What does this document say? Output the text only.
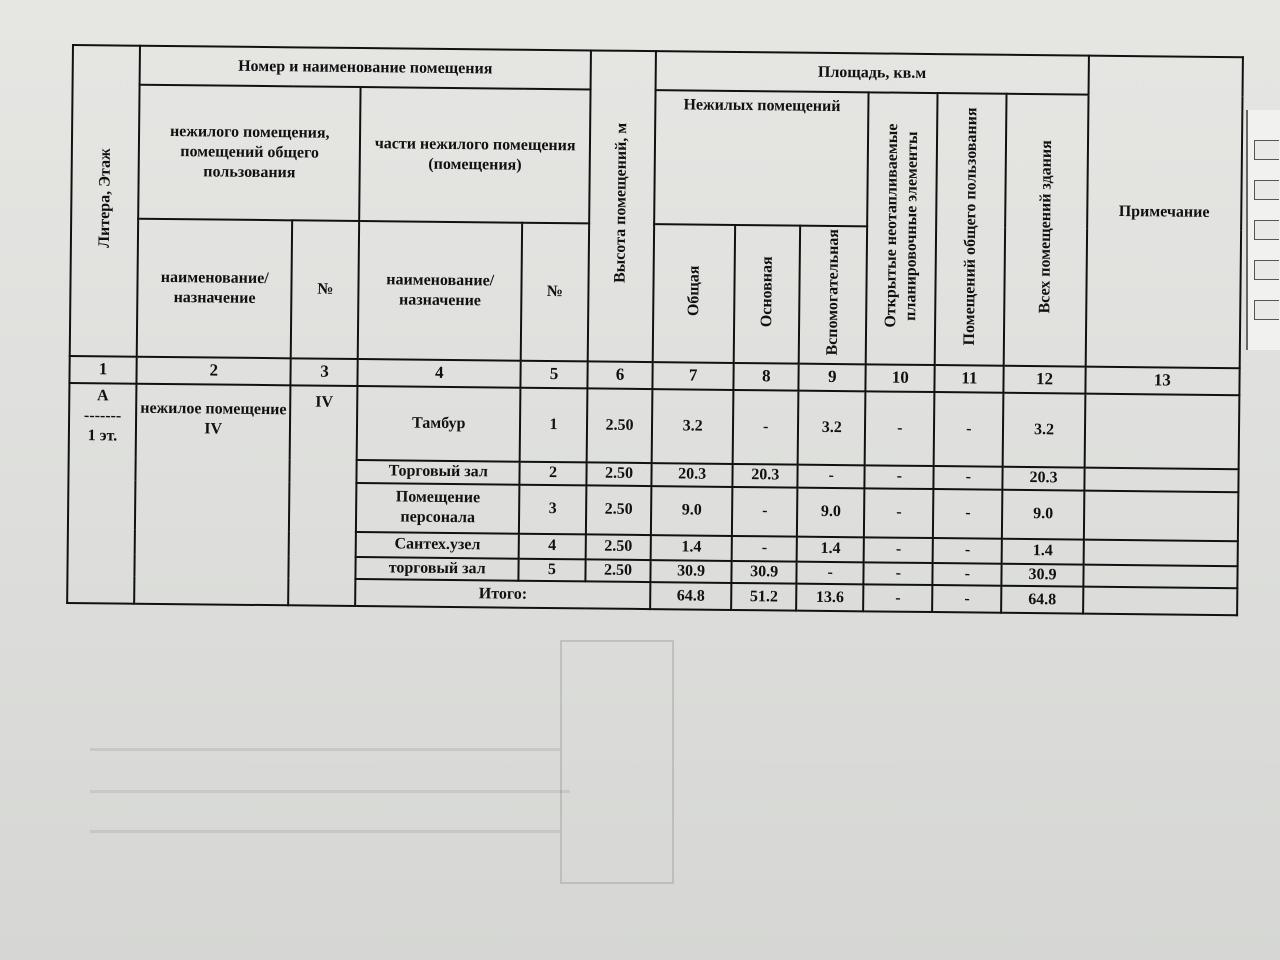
Литера, Этаж	Номер и наименование помещения				Высота помещений, м	Площадь, кв.м						Примечание
	нежилого помещения, помещений общего пользования		части нежилого помещения (помещения)			Нежилых помещений			Открытые неотапливаемые планировочные элементы	Помещений общего пользования	Всех помещений здания	
	наименование/ назначение	№	наименование/ назначение	№		Общая	Основная	Вспомогательная				
1	2	3	4	5	6	7	8	9	10	11	12	13

А
-------
1 эт.	нежилое помещение IV	IV	Тамбур	1	2.50	3.2	-	3.2	-	-	3.2	
			Торговый зал	2	2.50	20.3	20.3	-	-	-	20.3	
			Помещение персонала	3	2.50	9.0	-	9.0	-	-	9.0	
			Сантех.узел	4	2.50	1.4	-	1.4	-	-	1.4	
			торговый зал	5	2.50	30.9	30.9	-	-	-	30.9	
			Итого:			64.8	51.2	13.6	-	-	64.8	
